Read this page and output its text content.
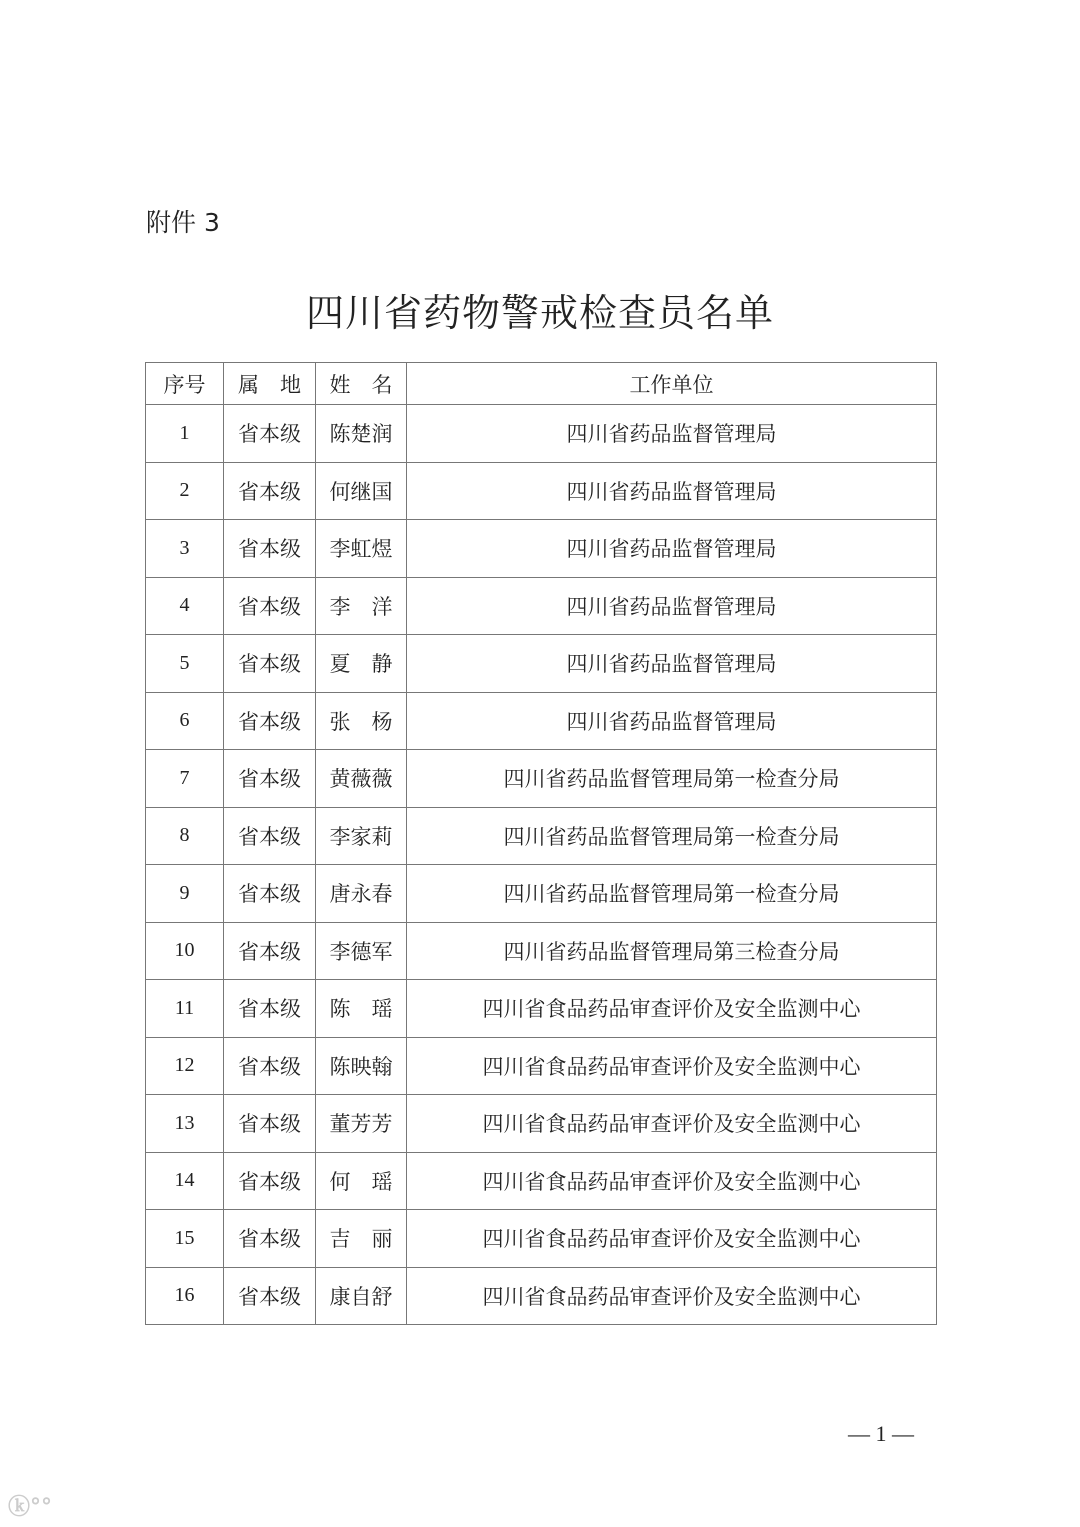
附件 3
四川省药物警戒检查员名单
序号	属　地	姓　名	工作单位
1	省本级	陈楚润	四川省药品监督管理局
2	省本级	何继国	四川省药品监督管理局
3	省本级	李虹煜	四川省药品监督管理局
4	省本级	李　洋	四川省药品监督管理局
5	省本级	夏　静	四川省药品监督管理局
6	省本级	张　杨	四川省药品监督管理局
7	省本级	黄薇薇	四川省药品监督管理局第一检查分局
8	省本级	李家莉	四川省药品监督管理局第一检查分局
9	省本级	唐永春	四川省药品监督管理局第一检查分局
10	省本级	李德军	四川省药品监督管理局第三检查分局
11	省本级	陈　瑶	四川省食品药品审查评价及安全监测中心
12	省本级	陈映翰	四川省食品药品审查评价及安全监测中心
13	省本级	董芳芳	四川省食品药品审查评价及安全监测中心
14	省本级	何　瑶	四川省食品药品审查评价及安全监测中心
15	省本级	吉　丽	四川省食品药品审查评价及安全监测中心
16	省本级	康自舒	四川省食品药品审查评价及安全监测中心
— 1 —
ⓚ°°
